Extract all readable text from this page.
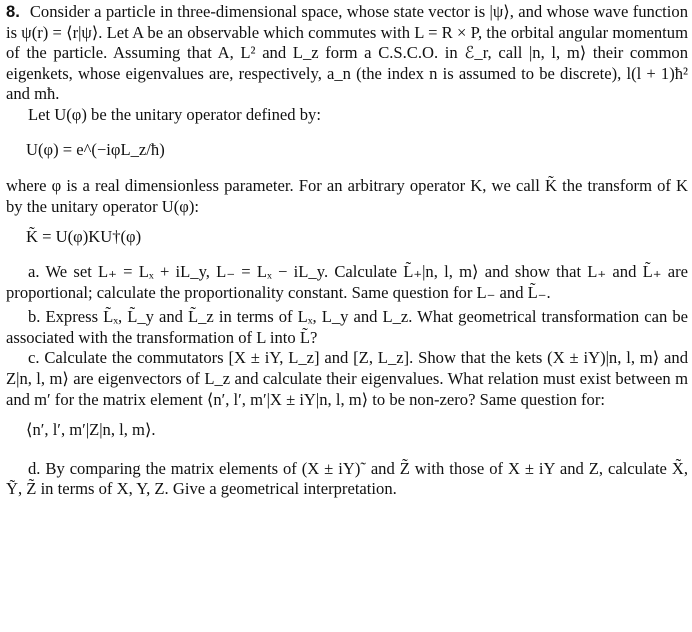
8. Consider a particle in three-dimensional space, whose state vector is |ψ⟩, and whose wave function is ψ(r) = ⟨r|ψ⟩. Let A be an observable which commutes with L = R × P, the orbital angular momentum of the particle. Assuming that A, L² and L_z form a C.S.C.O. in ℰ_r, call |n, l, m⟩ their common eigenkets, whose eigenvalues are, respectively, a_n (the index n is assumed to be discrete), l(l + 1)ħ² and mħ.

Let U(φ) be the unitary operator defined by:

U(φ) = e^(−iφL_z/ħ)

where φ is a real dimensionless parameter. For an arbitrary operator K, we call K̃ the transform of K by the unitary operator U(φ):

K̃ = U(φ)KU†(φ)

a. We set L₊ = Lₓ + iL_y, L₋ = Lₓ − iL_y. Calculate L̃₊|n, l, m⟩ and show that L₊ and L̃₊ are proportional; calculate the proportionality constant. Same question for L₋ and L̃₋.

b. Express L̃ₓ, L̃_y and L̃_z in terms of Lₓ, L_y and L_z. What geometrical transformation can be associated with the transformation of L into L̃?

c. Calculate the commutators [X ± iY, L_z] and [Z, L_z]. Show that the kets (X ± iY)|n, l, m⟩ and Z|n, l, m⟩ are eigenvectors of L_z and calculate their eigenvalues. What relation must exist between m and m′ for the matrix element ⟨n′, l′, m′|X ± iY|n, l, m⟩ to be non-zero? Same question for:

⟨n′, l′, m′|Z|n, l, m⟩.

d. By comparing the matrix elements of (X ± iY)˜ and Z̃ with those of X ± iY and Z, calculate X̃, Ỹ, Z̃ in terms of X, Y, Z. Give a geometrical interpretation.
